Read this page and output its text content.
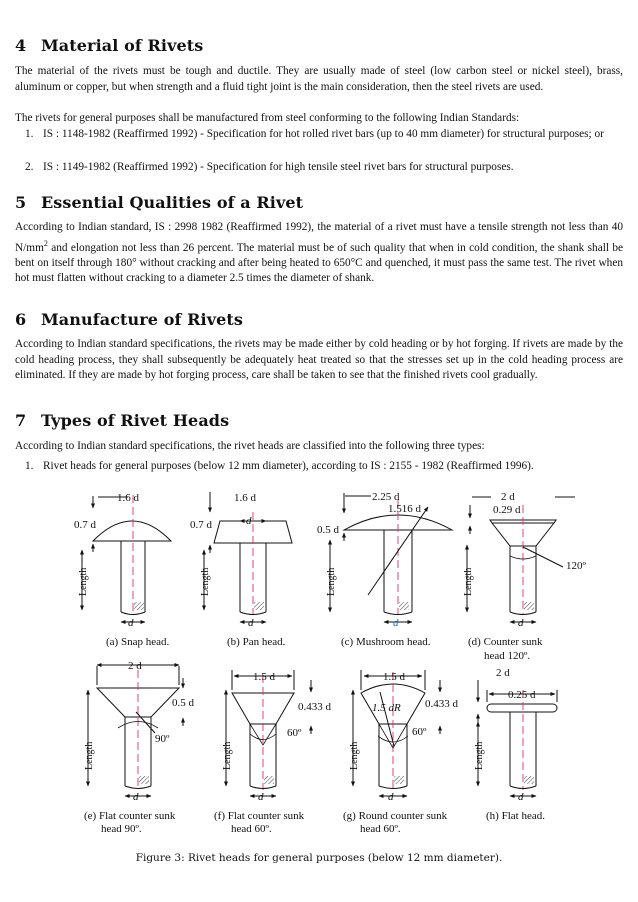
4 Material of Rivets

The material of the rivets must be tough and ductile. They are usually made of steel (low carbon steel or nickel steel), brass, aluminum or copper, but when strength and a fluid tight joint is the main consideration, then the steel rivets are used.

The rivets for general purposes shall be manufactured from steel conforming to the following Indian Standards:

1. IS : 1148-1982 (Reaffirmed 1992) - Specification for hot rolled rivet bars (up to 40 mm diameter) for structural purposes; or
2. IS : 1149-1982 (Reaffirmed 1992) - Specification for high tensile steel rivet bars for structural purposes.
5 Essential Qualities of a Rivet

According to Indian standard, IS : 2998 1982 (Reaffirmed 1992), the material of a rivet must have a tensile strength not less than 40 $N/mm^2$ and elongation not less than 26 percent. The material must be of such quality that when in cold condition, the shank shall be bent on itself through 180° without cracking and after being heated to 650°C and quenched, it must pass the same test. The rivet when hot must flatten without cracking to a diameter 2.5 times the diameter of shank.

6 Manufacture of Rivets

According to Indian standard specifications, the rivets may be made either by cold heading or by hot forging. If rivets are made by the cold heading process, they shall subsequently be adequately heat treated so that the stresses set up in the cold heading process are eliminated. If they are made by hot forging process, care shall be taken to see that the finished rivets cool gradually.

7 Types of Rivet Heads

According to Indian standard specifications, the rivet heads are classified into the following three types:

1. Rivet heads for general purposes (below 12 mm diameter), according to IS : 2155 - 1982 (Reaffirmed 1996).
1.6 d
0.7 d
1.6 d
0.7 d	d
2.25 d
1.516 d
0.5 d
2 d
0.29 d
120º
2 d
0.5 d
90º
1.5 d
0.433 d
60º
1.5 d
1.5 dR 0.433 d
60º
2 d
0.25 d
d	d	d	d
d	d	d	d
Length	Length	Length	Length
Length	Length	Length	Length
(a) Snap head.	(b) Pan head.	(c) Mushroom head.	(d) Counter sunk
head 120º.
(e) Flat counter sunk
head 90º.
(f) Flat counter sunk
head 60º.
(g) Round counter sunk
head 60º.
(h) Flat head.
Figure 3: Rivet heads for general purposes (below 12 mm diameter).
